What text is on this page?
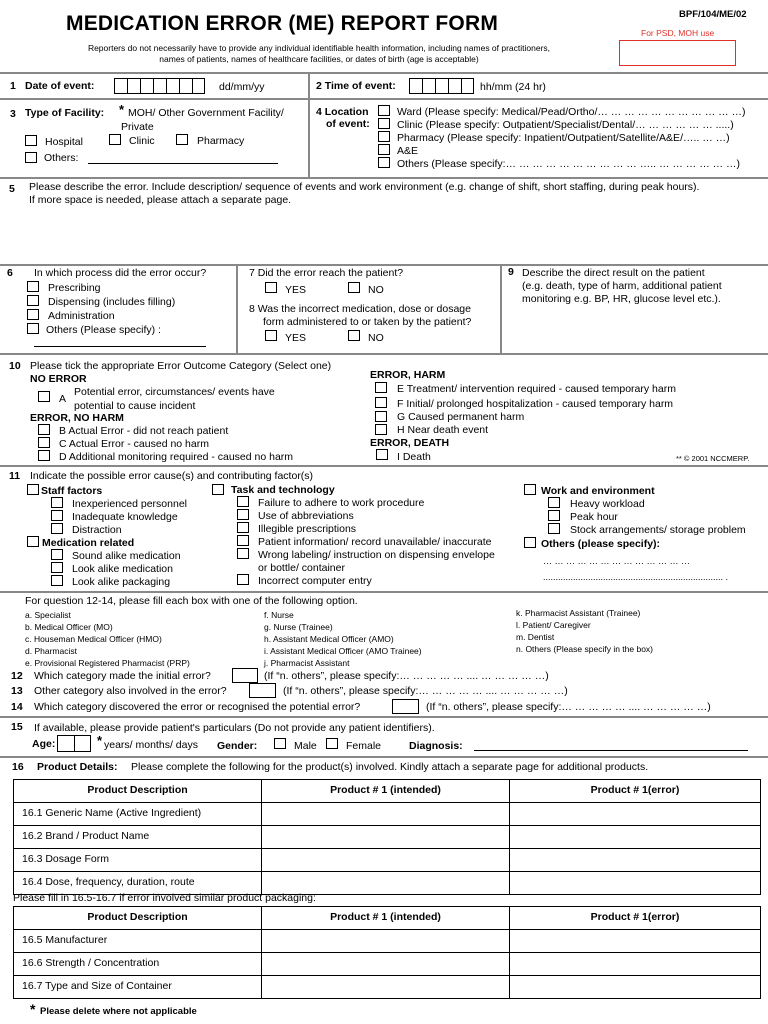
MEDICATION ERROR (ME) REPORT FORM	BPF/104/ME/02
For PSD, MOH use
Reporters do not necessarily have to provide any individual identifiable health information, including names of practitioners,
names of patients, names of healthcare facilities, or dates of birth (age is acceptable)
1 Date of event:	dd/mm/yy	2 Time of event:	hh/mm (24 hr)
3 Type of Facility: * MOH/ Other Government Facility/
Private
Hospital	Clinic	Pharmacy
Others:
4 Location
of event:
Ward (Please specify: Medical/Pead/Ortho/… … … … … … … … … … …)
Clinic (Please specify: Outpatient/Specialist/Dental/… … … … … … .....)
Pharmacy (Please specify: Inpatient/Outpatient/Satellite/A&E/….. … …)
A&E
Others (Please specify:… … … … … … … … … … ….. … … … … … …)
5 Please describe the error. Include description/ sequence of events and work environment (e.g. change of shift, short staffing, during peak hours).
If more space is needed, please attach a separate page.
6 In which process did the error occur?
Prescribing
Dispensing (includes filling)
Administration
Others (Please specify) :
7 Did the error reach the patient?
YES	NO
8 Was the incorrect medication, dose or dosage
form administered to or taken by the patient?
YES	NO
9 Describe the direct result on the patient
(e.g. death, type of harm, additional patient
monitoring e.g. BP, HR, glucose level etc.).
10 Please tick the appropriate Error Outcome Category (Select one)
NO ERROR
A
Potential error, circumstances/ events have
potential to cause incident
ERROR, NO HARM
B Actual Error - did not reach patient
C Actual Error - caused no harm
D Additional monitoring required - caused no harm
ERROR, HARM
E Treatment/ intervention required - caused temporary harm
F Initial/ prolonged hospitalization - caused temporary harm
G Caused permanent harm
H Near death event
ERROR, DEATH
I Death	** © 2001 NCCMERP.
11 Indicate the possible error cause(s) and contributing factor(s)
Staff factors
Inexperienced personnel
Inadequate knowledge
Distraction
Medication related
Sound alike medication
Look alike medication
Look alike packaging
Task and technology
Failure to adhere to work procedure
Use of abbreviations
Illegible prescriptions
Patient information/ record unavailable/ inaccurate
Wrong labeling/ instruction on dispensing envelope
or bottle/ container
Incorrect computer entry
Work and environment
Heavy workload
Peak hour
Stock arrangements/ storage problem
Others (please specify):
… … … … … … … … … … … … …
........................................................................ .
For question 12-14, please fill each box with one of the following option.
a. Specialist
b. Medical Officer (MO)
c. Houseman Medical Officer (HMO)
d. Pharmacist
e. Provisional Registered Pharmacist (PRP)
f. Nurse
g. Nurse (Trainee)
h. Assistant Medical Officer (AMO)
i. Assistant Medical Officer (AMO Trainee)
j. Pharmacist Assistant
k. Pharmacist Assistant (Trainee)
l. Patient/ Caregiver
m. Dentist
n. Others (Please specify in the box)
12 Which category made the initial error?	(If “n. others”, please specify:… … … … … .... … … … … …)
13 Other category also involved in the error?	(If “n. others”, please specify:… … … … … .... … … … … …)
14 Which category discovered the error or recognised the potential error?	(If “n. others”, please specify:… … … … … .... … … … … …)
15 If available, please provide patient's particulars (Do not provide any patient identifiers).
Age:	* years/ months/ days Gender:	Male	Female	Diagnosis:
16 Product Details: Please complete the following for the product(s) involved. Kindly attach a separate page for additional products.
Product Description	Product # 1 (intended)	Product # 1(error)
16.1 Generic Name (Active Ingredient)		
16.2 Brand / Product Name		
16.3 Dosage Form		
16.4 Dose, frequency, duration, route		
Please fill in 16.5-16.7 if error involved similar product packaging:
Product Description	Product # 1 (intended)	Product # 1(error)
16.5 Manufacturer		
16.6 Strength / Concentration		
16.7 Type and Size of Container		
* Please delete where not applicable
